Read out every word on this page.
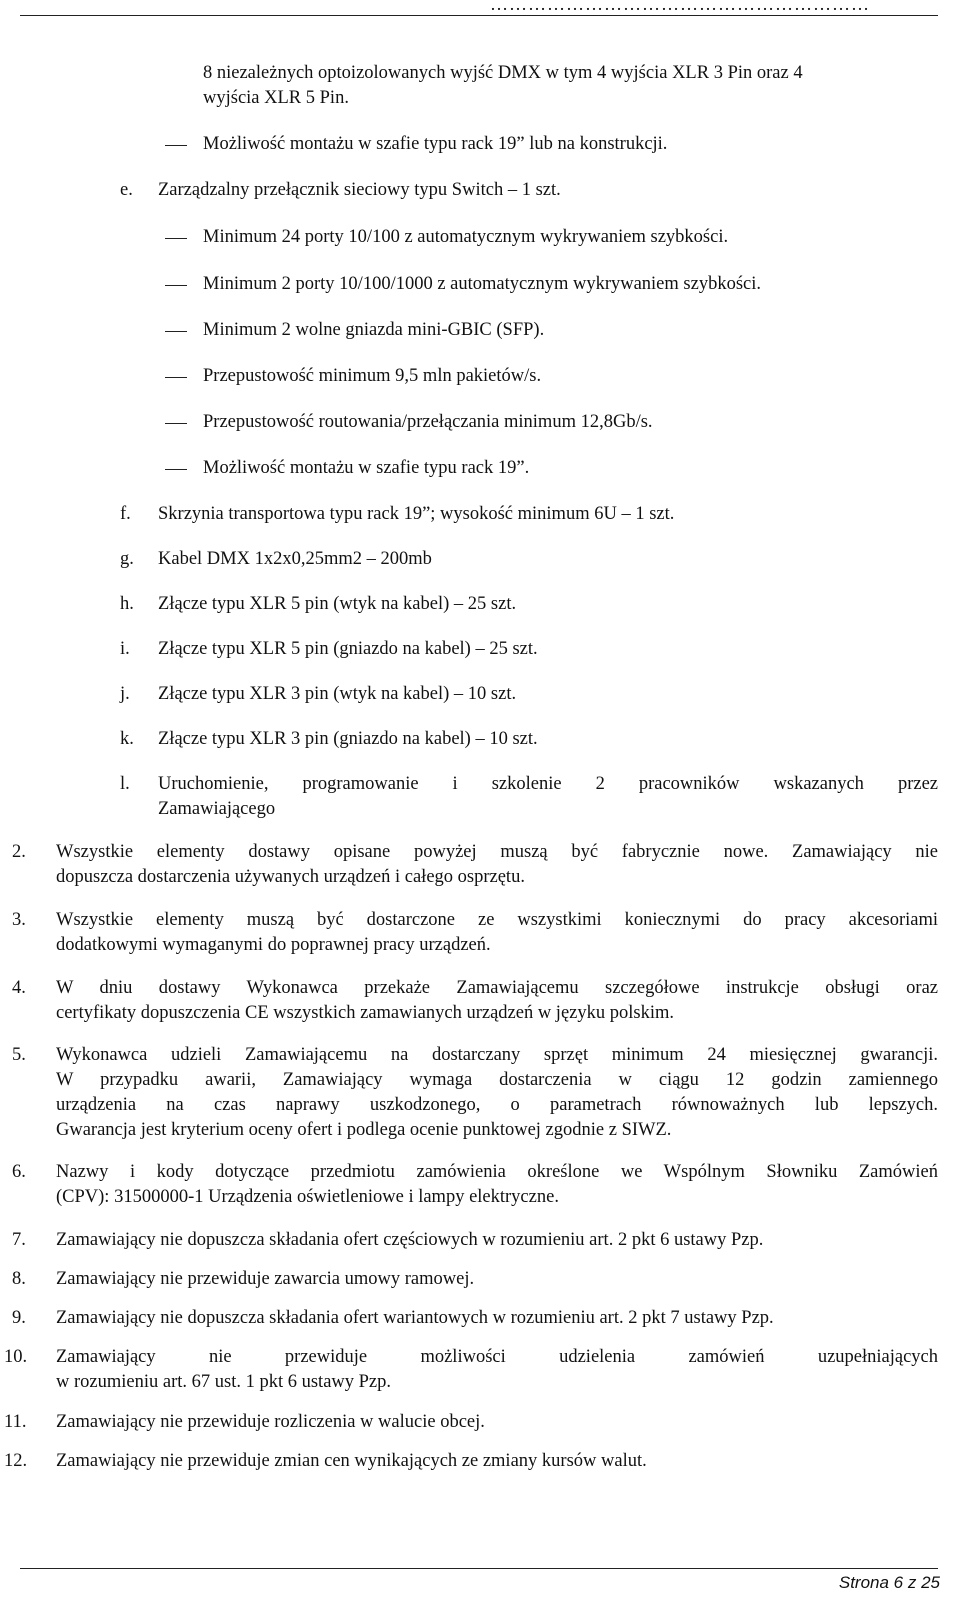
……………………………………………………
8 niezależnych optoizolowanych wyjść DMX w tym 4 wyjścia XLR 3 Pin oraz 4
wyjścia XLR 5 Pin.
Możliwość montażu w szafie typu rack 19” lub na konstrukcji.
e. Zarządzalny przełącznik sieciowy typu Switch – 1 szt.
Minimum 24 porty 10/100 z automatycznym wykrywaniem szybkości.
Minimum 2 porty 10/100/1000 z automatycznym wykrywaniem szybkości.
Minimum 2 wolne gniazda mini-GBIC (SFP).
Przepustowość minimum 9,5 mln pakietów/s.
Przepustowość routowania/przełączania minimum 12,8Gb/s.
Możliwość montażu w szafie typu rack 19”.
f. Skrzynia transportowa typu rack 19”; wysokość minimum 6U – 1 szt.
g. Kabel DMX 1x2x0,25mm2 – 200mb
h. Złącze typu XLR 5 pin (wtyk na kabel) – 25 szt.
i. Złącze typu XLR 5 pin (gniazdo na kabel) – 25 szt.
j. Złącze typu XLR 3 pin (wtyk na kabel) – 10 szt.
k. Złącze typu XLR 3 pin (gniazdo na kabel) – 10 szt.
l. Uruchomienie, programowanie i szkolenie 2 pracowników wskazanych przez
Zamawiającego
2. Wszystkie elementy dostawy opisane powyżej muszą być fabrycznie nowe. Zamawiający nie
dopuszcza dostarczenia używanych urządzeń i całego osprzętu.
3. Wszystkie elementy muszą być dostarczone ze wszystkimi koniecznymi do pracy akcesoriami
dodatkowymi wymaganymi do poprawnej pracy urządzeń.
4. W dniu dostawy Wykonawca przekaże Zamawiającemu szczegółowe instrukcje obsługi oraz
certyfikaty dopuszczenia CE wszystkich zamawianych urządzeń w języku polskim.
5. Wykonawca udzieli Zamawiającemu na dostarczany sprzęt minimum 24 miesięcznej gwarancji.
W przypadku awarii, Zamawiający wymaga dostarczenia w ciągu 12 godzin zamiennego
urządzenia na czas naprawy uszkodzonego, o parametrach równoważnych lub lepszych.
Gwarancja jest kryterium oceny ofert i podlega ocenie punktowej zgodnie z SIWZ.
6. Nazwy i kody dotyczące przedmiotu zamówienia określone we Wspólnym Słowniku Zamówień
(CPV): 31500000-1 Urządzenia oświetleniowe i lampy elektryczne.
7. Zamawiający nie dopuszcza składania ofert częściowych w rozumieniu art. 2 pkt 6 ustawy Pzp.
8. Zamawiający nie przewiduje zawarcia umowy ramowej.
9. Zamawiający nie dopuszcza składania ofert wariantowych w rozumieniu art. 2 pkt 7 ustawy Pzp.
10. Zamawiający nie przewiduje możliwości udzielenia zamówień uzupełniających
w rozumieniu art. 67 ust. 1 pkt 6 ustawy Pzp.
11. Zamawiający nie przewiduje rozliczenia w walucie obcej.
12. Zamawiający nie przewiduje zmian cen wynikających ze zmiany kursów walut.
Strona 6 z 25
